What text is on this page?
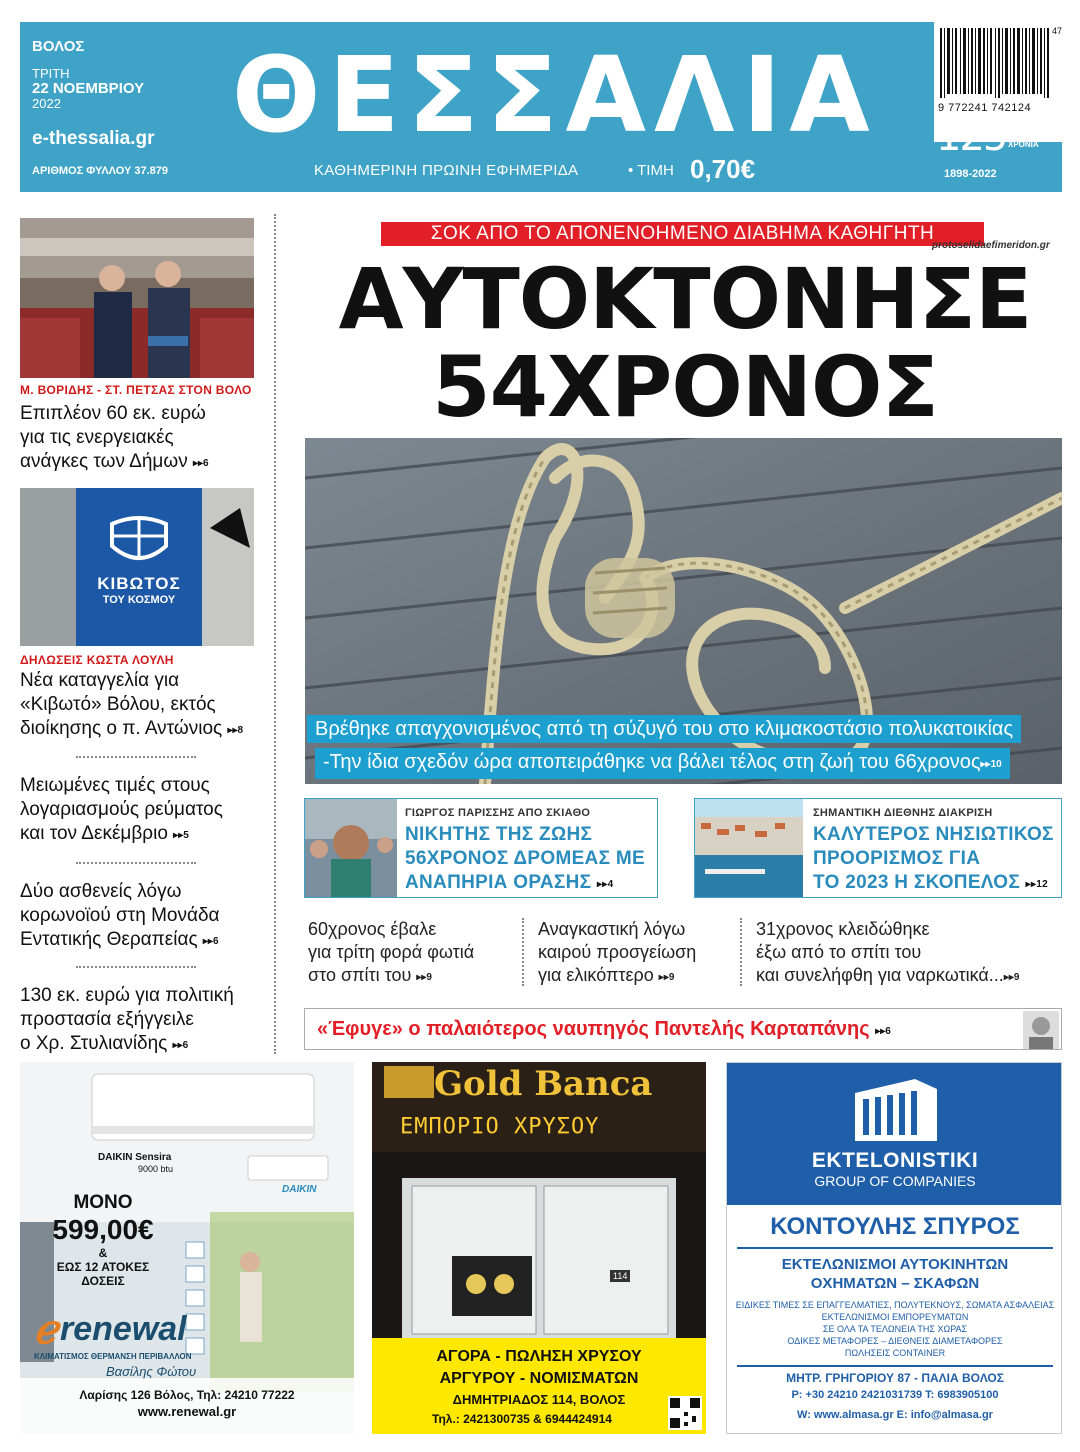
ΒΟΛΟΣ
ΤΡΙΤΗ
22 ΝΟΕΜΒΡΙΟΥ
2022
e-thessalia.gr
ΑΡΙΘΜΟΣ ΦΥΛΛΟΥ 37.879
ΘΕΣΣΑΛΙΑ
ΚΑΘΗΜΕΡΙΝΗ ΠΡΩΙΝΗ ΕΦΗΜΕΡΙΔΑ	• ΤΙΜΗ 0,70€
47
9 772241 742124
125 ΧΡΟΝΙΑ
1898-2022
Μ. ΒΟΡΙΔΗΣ - ΣΤ. ΠΕΤΣΑΣ ΣΤΟΝ ΒΟΛΟ
Επιπλέον 60 εκ. ευρώ
για τις ενεργειακές
ανάγκες των Δήμων ▸▸6
ΚΙΒΩΤΟΣ
ΤΟΥ ΚΟΣΜΟΥ
ΔΗΛΩΣΕΙΣ ΚΩΣΤΑ ΛΟΥΛΗ
Νέα καταγγελία για
«Κιβωτό» Βόλου, εκτός
διοίκησης ο π. Αντώνιος ▸▸8
Μειωμένες τιμές στους
λογαριασμούς ρεύματος
και τον Δεκέμβριο ▸▸5
Δύο ασθενείς λόγω
κορωνοϊού στη Μονάδα
Εντατικής Θεραπείας ▸▸6
130 εκ. ευρώ για πολιτική
προστασία εξήγγειλε
ο Χρ. Στυλιανίδης ▸▸6
ΣΟΚ ΑΠΟ ΤΟ ΑΠΟΝΕΝΟΗΜΕΝΟ ΔΙΑΒΗΜΑ ΚΑΘΗΓΗΤΗ
protoselidaefimeridon.gr
ΑΥΤΟΚΤΟΝΗΣΕ
54ΧΡΟΝΟΣ
Βρέθηκε απαγχονισμένος από τη σύζυγό του στο κλιμακοστάσιο πολυκατοικίας
-Την ίδια σχεδόν ώρα αποπειράθηκε να βάλει τέλος στη ζωή του 66χρονος▸▸10
ΓΙΩΡΓΟΣ ΠΑΡΙΣΣΗΣ ΑΠΟ ΣΚΙΑΘΟ
ΝΙΚΗΤΗΣ ΤΗΣ ΖΩΗΣ
56ΧΡΟΝΟΣ ΔΡΟΜΕΑΣ ΜΕ
ΑΝΑΠΗΡΙΑ ΟΡΑΣΗΣ ▸▸4
ΣΗΜΑΝΤΙΚΗ ΔΙΕΘΝΗΣ ΔΙΑΚΡΙΣΗ
ΚΑΛΥΤΕΡΟΣ ΝΗΣΙΩΤΙΚΟΣ
ΠΡΟΟΡΙΣΜΟΣ ΓΙΑ
ΤΟ 2023 Η ΣΚΟΠΕΛΟΣ ▸▸12
60χρονος έβαλε
για τρίτη φορά φωτιά
στο σπίτι του ▸▸9
Αναγκαστική λόγω
καιρού προσγείωση
για ελικόπτερο ▸▸9
31χρονος κλειδώθηκε
έξω από το σπίτι του
και συνελήφθη για ναρκωτικά...▸▸9
«Έφυγε» ο παλαιότερος ναυπηγός Παντελής Καρταπάνης ▸▸6
DAIKIN Sensira
9000 btu
DAIKIN
ΜΟΝΟ
599,00€
&
ΕΩΣ 12 ΑΤΟΚΕΣ
ΔΟΣΕΙΣ
ℯ renewal
ΚΛΙΜΑΤΙΣΜΟΣ ΘΕΡΜΑΝΣΗ ΠΕΡΙΒΑΛΛΟΝ
Βασίλης Φώτου
Λαρίσης 126 Βόλος, Τηλ: 24210 77222
www.renewal.gr
Gold Banca
ΕΜΠΟΡΙΟ ΧΡΥΣΟΥ
114
ΑΓΟΡΑ - ΠΩΛΗΣΗ ΧΡΥΣΟΥ
ΑΡΓΥΡΟΥ - ΝΟΜΙΣΜΑΤΩΝ
ΔΗΜΗΤΡΙΑΔΟΣ 114, ΒΟΛΟΣ
Τηλ.: 2421300735 & 6944424914
EKTELONISTIKI
GROUP OF COMPANIES
ΚΟΝΤΟΥΛΗΣ ΣΠΥΡΟΣ
ΕΚΤΕΛΩΝΙΣΜΟΙ ΑΥΤΟΚΙΝΗΤΩΝ
ΟΧΗΜΑΤΩΝ – ΣΚΑΦΩΝ
ΕΙΔΙΚΕΣ ΤΙΜΕΣ ΣΕ ΕΠΑΓΓΕΛΜΑΤΙΕΣ, ΠΟΛΥΤΕΚΝΟΥΣ, ΣΩΜΑΤΑ ΑΣΦΑΛΕΙΑΣ
ΕΚΤΕΛΩΝΙΣΜΟΙ ΕΜΠΟΡΕΥΜΑΤΩΝ
ΣΕ ΟΛΑ ΤΑ ΤΕΛΩΝΕΙΑ ΤΗΣ ΧΩΡΑΣ
ΟΔΙΚΕΣ ΜΕΤΑΦΟΡΕΣ – ΔΙΕΘΝΕΙΣ ΔΙΑΜΕΤΑΦΟΡΕΣ
ΠΩΛΗΣΕΙΣ CONTAINER
ΜΗΤΡ. ΓΡΗΓΟΡΙΟΥ 87 - ΠΑΛΙΑ ΒΟΛΟΣ
P: +30 24210 2421031739 T: 6983905100
W: www.almasa.gr E: info@almasa.gr
